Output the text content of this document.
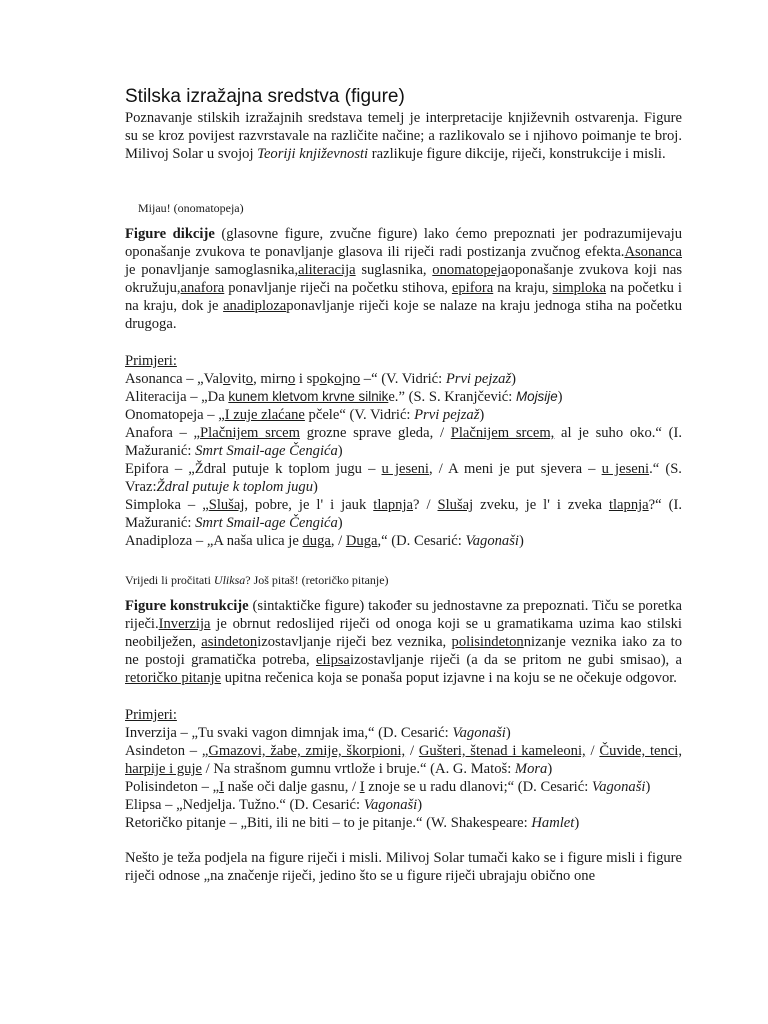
Stilska izražajna sredstva (figure)

Poznavanje stilskih izražajnih sredstava temelj je interpretacije književnih ostvarenja. Figure su se kroz povijest razvrstavale na različite načine; a razlikovalo se i njihovo poimanje te broj. Milivoj Solar u svojoj Teoriji književnosti razlikuje figure dikcije, riječi, konstrukcije i misli.

Mijau! (onomatopeja)

Figure dikcije (glasovne figure, zvučne figure) lako ćemo prepoznati jer podrazumijevaju oponašanje zvukova te ponavljanje glasova ili riječi radi postizanja zvučnog efekta.Asonanca je ponavljanje samoglasnika,aliteracija suglasnika, onomatopejaoponašanje zvukova koji nas okružuju,anafora ponavljanje riječi na početku stihova, epifora na kraju, simploka na početku i na kraju, dok je anadiplozaponavljanje riječi koje se nalaze na kraju jednoga stiha na početku drugoga.

Primjeri:

Asonanca – „Valovito, mirno i spokojno –“ (V. Vidrić: Prvi pejzaž)

Aliteracija – „Da kunem kletvom krvne silnike.” (S. S. Kranjčević: Mojsije)

Onomatopeja – „I zuje zlaćane pčele“ (V. Vidrić: Prvi pejzaž)

Anafora – „Plačnijem srcem grozne sprave gleda, / Plačnijem srcem, al je suho oko.“ (I. Mažuranić: Smrt Smail-age Čengića)

Epifora – „Ždral putuje k toplom jugu – u jeseni, / A meni je put sjevera – u jeseni.“ (S. Vraz:Ždral putuje k toplom jugu)

Simploka – „Slušaj, pobre, je l' i jauk tlapnja? / Slušaj zveku, je l' i zveka tlapnja?“ (I. Mažuranić: Smrt Smail-age Čengića)

Anadiploza – „A naša ulica je duga, / Duga,“ (D. Cesarić: Vagonaši)

Vrijedi li pročitati Uliksa? Još pitaš! (retoričko pitanje)

Figure konstrukcije (sintaktičke figure) također su jednostavne za prepoznati. Tiču se poretka riječi.Inverzija je obrnut redoslijed riječi od onoga koji se u gramatikama uzima kao stilski neobilježen, asindetonizostavljanje riječi bez veznika, polisindetonnizanje veznika iako za to ne postoji gramatička potreba, elipsaizostavljanje riječi (a da se pritom ne gubi smisao), a retoričko pitanje upitna rečenica koja se ponaša poput izjavne i na koju se ne očekuje odgovor.

Primjeri:

Inverzija – „Tu svaki vagon dimnjak ima,“ (D. Cesarić: Vagonaši)

Asindeton – „Gmazovi, žabe, zmije, škorpioni, / Gušteri, štenad i kameleoni, / Čuvide, tenci, harpije i guje / Na strašnom gumnu vrtlože i bruje.“ (A. G. Matoš: Mora)

Polisindeton – „I naše oči dalje gasnu, / I znoje se u radu dlanovi;“ (D. Cesarić: Vagonaši)

Elipsa – „Nedjelja. Tužno.“ (D. Cesarić: Vagonaši)

Retoričko pitanje – „Biti, ili ne biti – to je pitanje.“ (W. Shakespeare: Hamlet)

Nešto je teža podjela na figure riječi i misli. Milivoj Solar tumači kako se i figure misli i figure riječi odnose „na značenje riječi, jedino što se u figure riječi ubrajaju obično one
